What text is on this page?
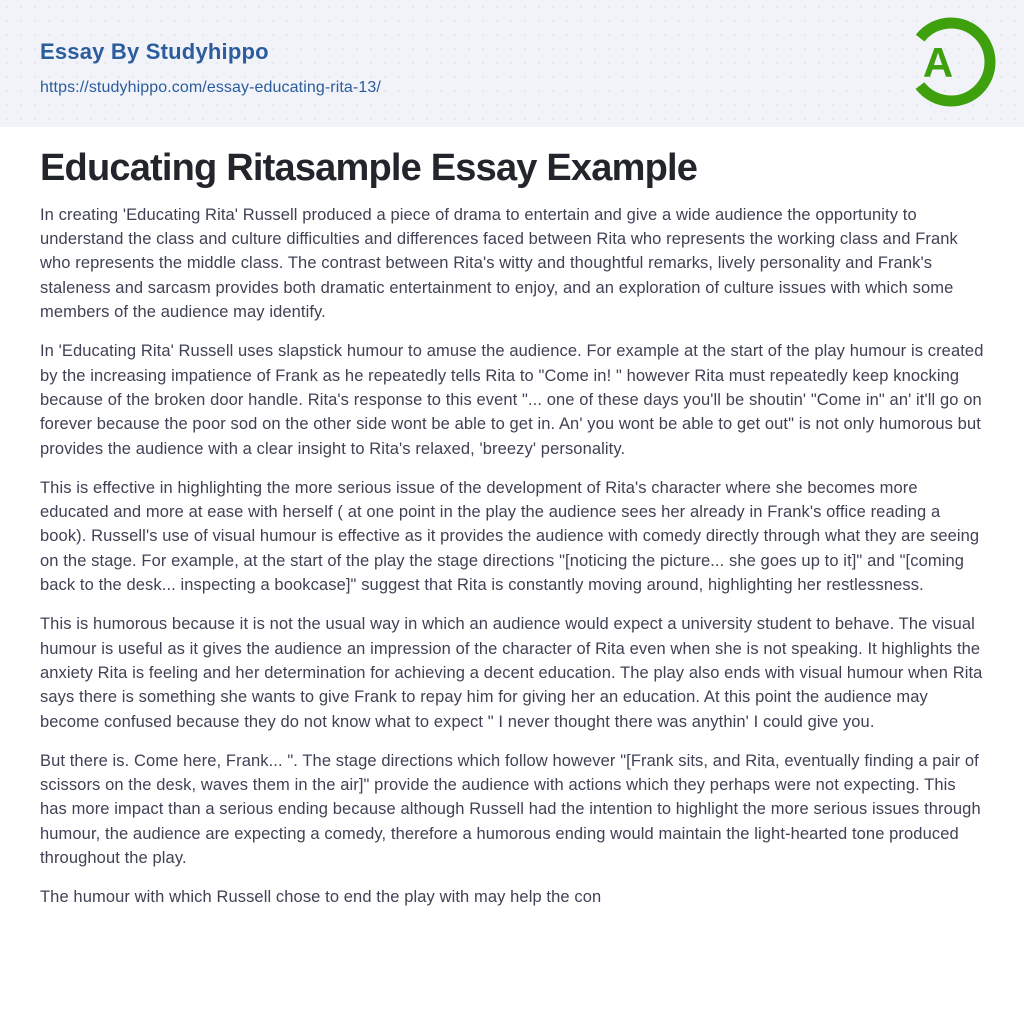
Essay By Studyhippo
https://studyhippo.com/essay-educating-rita-13/
A
Educating Ritasample Essay Example

In creating 'Educating Rita' Russell produced a piece of drama to entertain and give a wide audience the opportunity to understand the class and culture difficulties and differences faced between Rita who represents the working class and Frank who represents the middle class. The contrast between Rita's witty and thoughtful remarks, lively personality and Frank's staleness and sarcasm provides both dramatic entertainment to enjoy, and an exploration of culture issues with which some members of the audience may identify.

In 'Educating Rita' Russell uses slapstick humour to amuse the audience. For example at the start of the play humour is created by the increasing impatience of Frank as he repeatedly tells Rita to "Come in! " however Rita must repeatedly keep knocking because of the broken door handle. Rita's response to this event "... one of these days you'll be shoutin' "Come in" an' it'll go on forever because the poor sod on the other side wont be able to get in. An' you wont be able to get out" is not only humorous but provides the audience with a clear insight to Rita's relaxed, 'breezy' personality.

This is effective in highlighting the more serious issue of the development of Rita's character where she becomes more educated and more at ease with herself ( at one point in the play the audience sees her already in Frank's office reading a book). Russell's use of visual humour is effective as it provides the audience with comedy directly through what they are seeing on the stage. For example, at the start of the play the stage directions "[noticing the picture... she goes up to it]" and "[coming back to the desk... inspecting a bookcase]" suggest that Rita is constantly moving around, highlighting her restlessness.

This is humorous because it is not the usual way in which an audience would expect a university student to behave. The visual humour is useful as it gives the audience an impression of the character of Rita even when she is not speaking. It highlights the anxiety Rita is feeling and her determination for achieving a decent education. The play also ends with visual humour when Rita says there is something she wants to give Frank to repay him for giving her an education. At this point the audience may become confused because they do not know what to expect " I never thought there was anythin' I could give you.

But there is. Come here, Frank... ". The stage directions which follow however "[Frank sits, and Rita, eventually finding a pair of scissors on the desk, waves them in the air]" provide the audience with actions which they perhaps were not expecting. This has more impact than a serious ending because although Russell had the intention to highlight the more serious issues through humour, the audience are expecting a comedy, therefore a humorous ending would maintain the light-hearted tone produced throughout the play.

The humour with which Russell chose to end the play with may help the con
